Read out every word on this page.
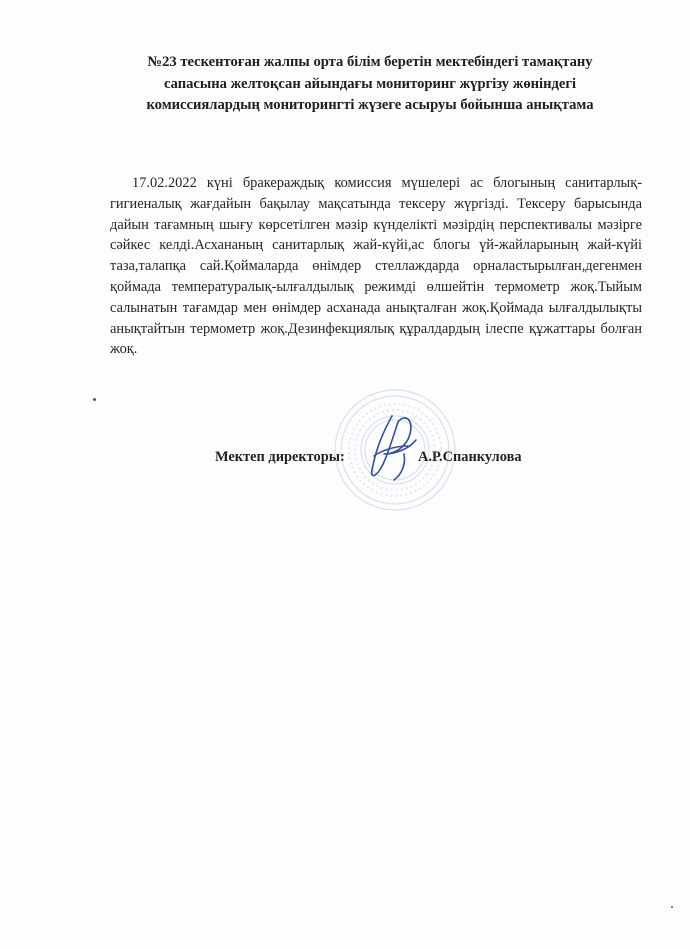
№23 тескентоған жалпы орта білім беретін мектебіндегі тамақтану
сапасына желтоқсан айындағы мониторинг жүргізу жөніндегі
комиссиялардың мониторингті жүзеге асыруы бойынша анықтама
17.02.2022 күні бракераждық комиссия мүшелері ас блогының санитарлық-гигиеналық жағдайын бақылау мақсатында тексеру жүргізді. Тексеру барысында дайын тағамның шығу көрсетілген мәзір күнделікті мәзірдің перспективалы мәзірге сәйкес келді.Асхананың санитарлық жай-күйі,ас блогы үй-жайларының жай-күйі таза,талапқа сай.Қоймаларда өнімдер стеллаждарда орналастырылған,дегенмен қоймада температуралық-ылғалдылық режимді өлшейтін термометр жоқ.Тыйым салынатын тағамдар мен өнімдер асханада анықталған жоқ.Қоймада ылғалдылықты анықтайтын термометр жоқ.Дезинфекциялық құралдардың ілеспе құжаттары болған жоқ.
Мектеп директоры:	А.Р.Спанкулова
